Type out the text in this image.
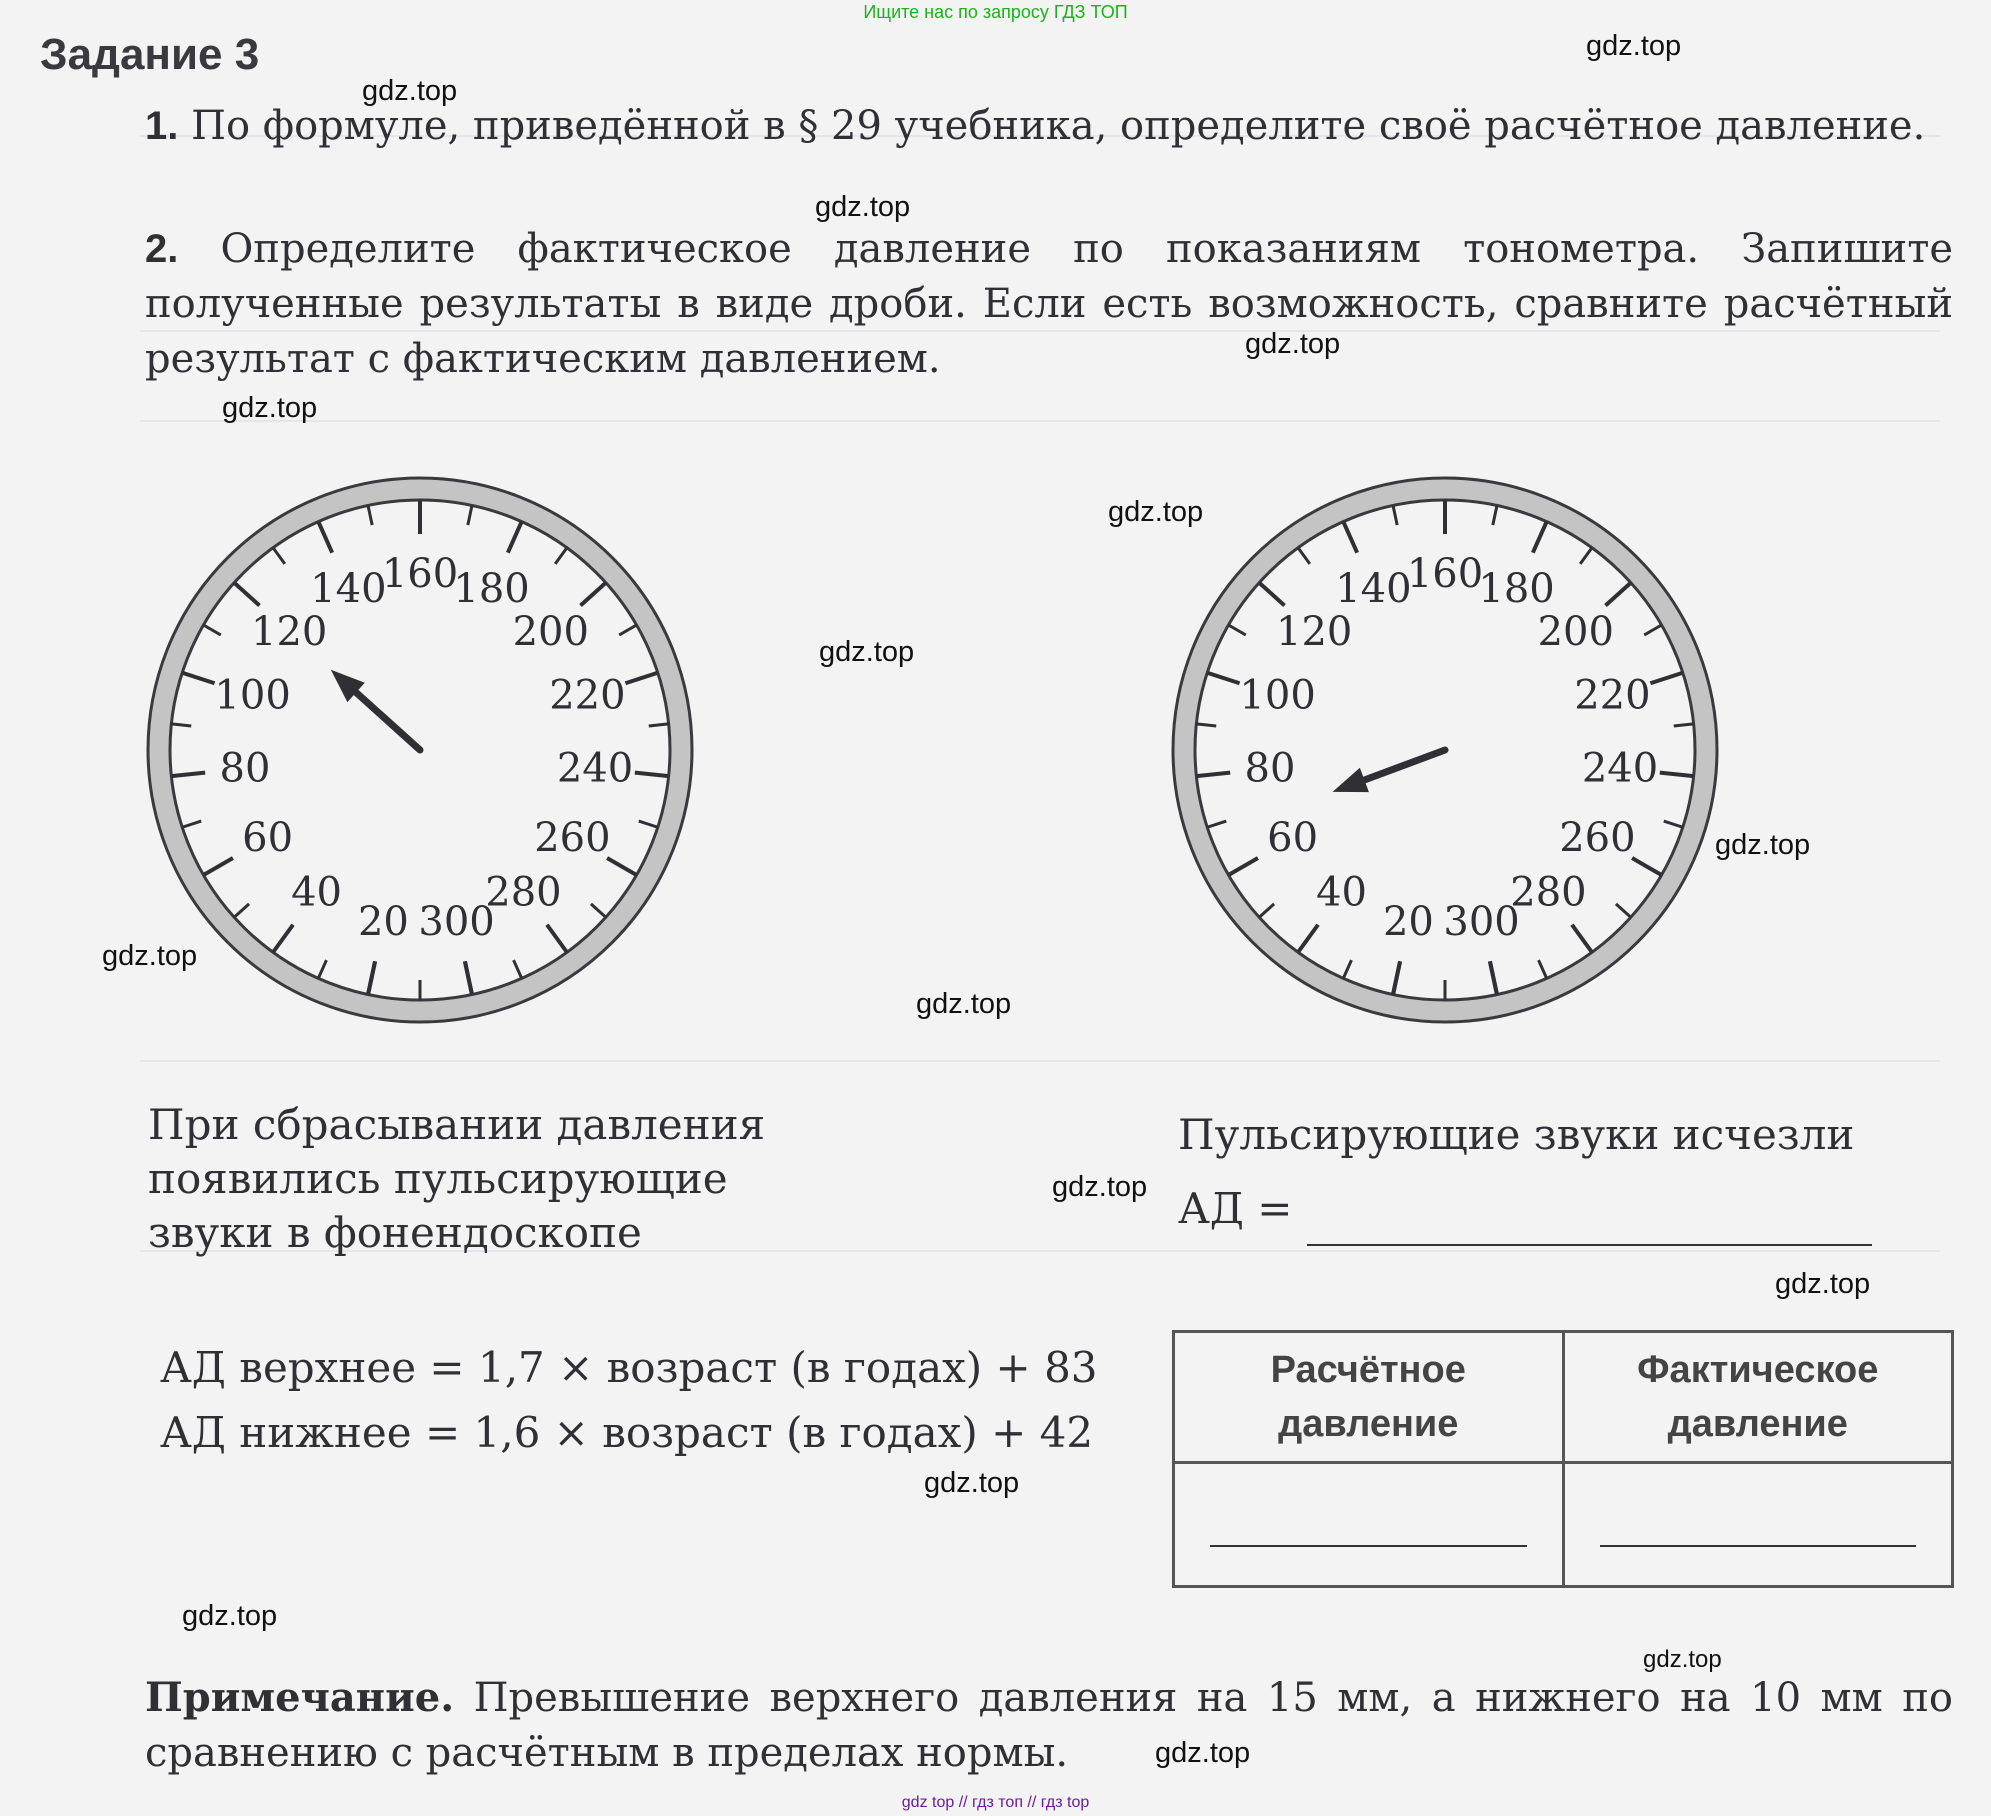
Ищите нас по запросу ГДЗ ТОП
Задание 3	gdz.top
gdz.top
gdz.top
gdz.top
gdz.top
gdz.top
gdz.top
gdz.top
gdz.top
gdz.top
gdz.top
gdz.top
gdz.top
gdz.top
gdz.top
gdz.top

1. По формуле, приведённой в § 29 учебника, определите своё расчётное давление.

2. Определите фактическое давление по показаниям тонометра. Запишите полученные результаты в виде дроби. Если есть возможность, сравните расчётный результат с фактическим давлением.

20
40
60
80
100
120
140
160
180
200
220
240
260
280
300	20
40
60
80
100
120
140
160
180
200
220
240
260
280
300
При сбрасывании давления
появились пульсирующие
звуки в фонендоскопе
Пульсирующие звуки исчезли
АД =

АД верхнее = 1,7 × возраст (в годах) + 83

АД нижнее = 1,6 × возраст (в годах) + 42

Расчётное давление	Фактическое давление

Примечание. Превышение верхнего давления на 15 мм, а нижнего на 10 мм по сравнению с расчётным в пределах нормы.

gdz top // гдз топ // гдз top
